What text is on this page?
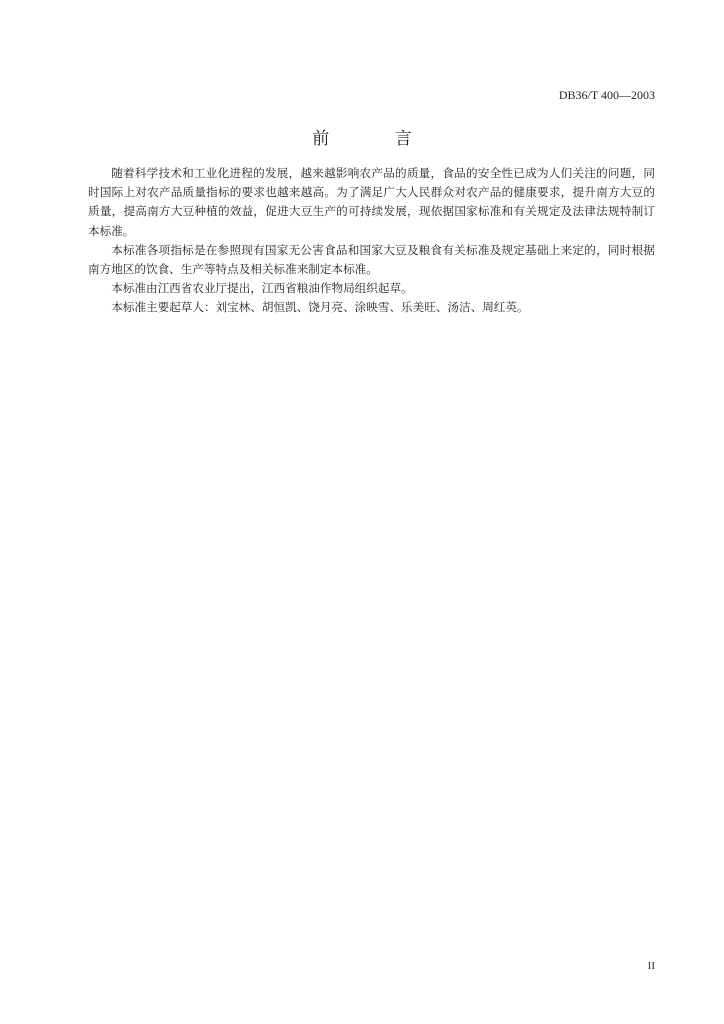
DB36/T 400—2003
前 言

随着科学技术和工业化进程的发展，越来越影响农产品的质量，食品的安全性已成为人们关注的问题，同时国际上对农产品质量指标的要求也越来越高。为了满足广大人民群众对农产品的健康要求，提升南方大豆的质量，提高南方大豆种植的效益，促进大豆生产的可持续发展，现依据国家标准和有关规定及法律法规特制订本标准。

本标准各项指标是在参照现有国家无公害食品和国家大豆及粮食有关标准及规定基础上来定的，同时根据南方地区的饮食、生产等特点及相关标准来制定本标准。

本标准由江西省农业厅提出，江西省粮油作物局组织起草。

本标准主要起草人：刘宝林、胡恒凯、饶月亮、涂映雪、乐美旺、汤洁、周红英。

II
